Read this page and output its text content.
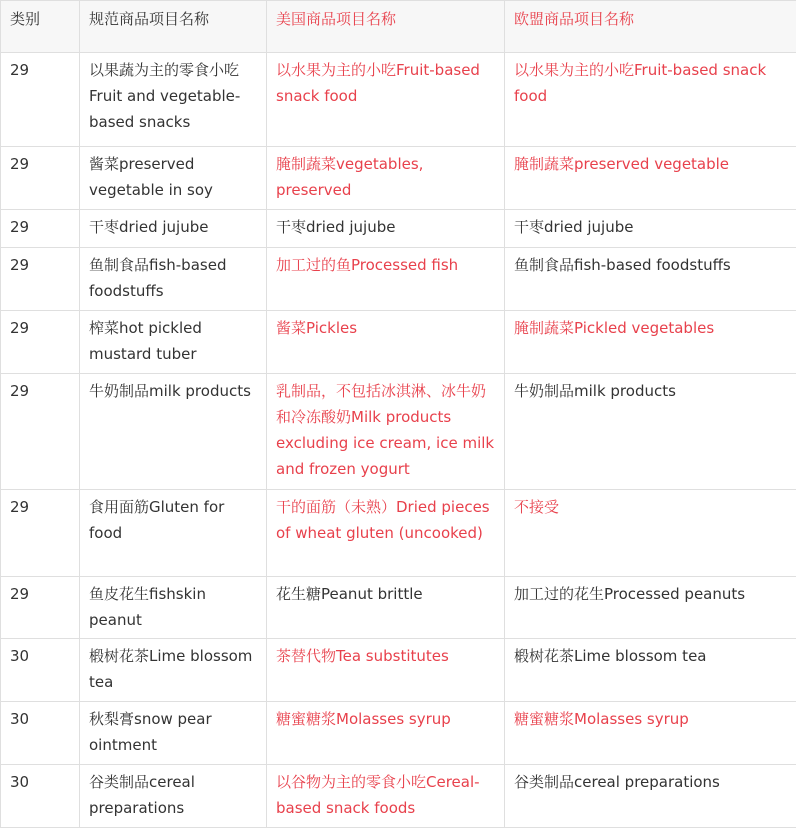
类别	规范商品项目名称	美国商品项目名称	欧盟商品项目名称
29	以果蔬为主的零食小吃Fruit and vegetable-based snacks	以水果为主的小吃Fruit-based snack food	以水果为主的小吃Fruit-based snack food
29	酱菜preserved vegetable in soy	腌制蔬菜vegetables, preserved	腌制蔬菜preserved vegetable
29	干枣dried jujube	干枣dried jujube	干枣dried jujube
29	鱼制食品fish-based foodstuffs	加工过的鱼Processed fish	鱼制食品fish-based foodstuffs
29	榨菜hot pickled mustard tuber	酱菜Pickles	腌制蔬菜Pickled vegetables
29	牛奶制品milk products	乳制品，不包括冰淇淋、冰牛奶和冷冻酸奶Milk products excluding ice cream, ice milk and frozen yogurt	牛奶制品milk products
29	食用面筋Gluten for food	干的面筋（未熟）Dried pieces of wheat gluten (uncooked)	不接受
29	鱼皮花生fishskin peanut	花生糖Peanut brittle	加工过的花生Processed peanuts
30	椴树花茶Lime blossom tea	茶替代物Tea substitutes	椴树花茶Lime blossom tea
30	秋梨膏snow pear ointment	糖蜜糖浆Molasses syrup	糖蜜糖浆Molasses syrup
30	谷类制品cereal preparations	以谷物为主的零食小吃Cereal-based snack foods	谷类制品cereal preparations
